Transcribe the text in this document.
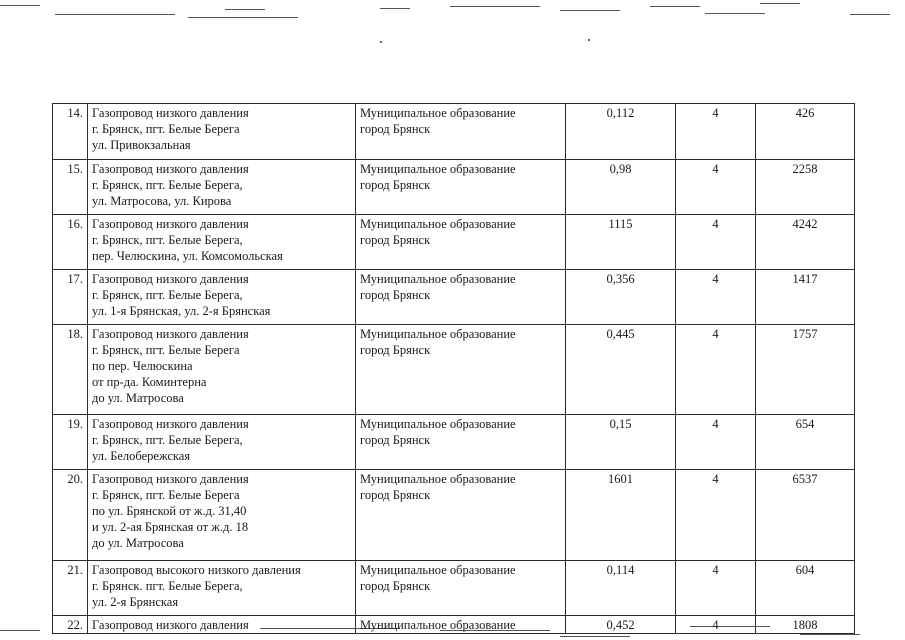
14.	Газопровод низкого давления
г. Брянск, пгт. Белые Берега
ул. Привокзальная	Муниципальное образование
город Брянск	0,112	4	426
15.	Газопровод низкого давления
г. Брянск, пгт. Белые Берега,
ул. Матросова, ул. Кирова	Муниципальное образование
город Брянск	0,98	4	2258
16.	Газопровод низкого давления
г. Брянск, пгт. Белые Берега,
пер. Челюскина, ул. Комсомольская	Муниципальное образование
город Брянск	1115	4	4242
17.	Газопровод низкого давления
г. Брянск, пгт. Белые Берега,
ул. 1-я Брянская, ул. 2-я Брянская	Муниципальное образование
город Брянск	0,356	4	1417
18.	Газопровод низкого давления
г. Брянск, пгт. Белые Берега
по пер. Челюскина
от пр-да. Коминтерна
до ул. Матросова	Муниципальное образование
город Брянск	0,445	4	1757
19.	Газопровод низкого давления
г. Брянск, пгт. Белые Берега,
ул. Белобережская	Муниципальное образование
город Брянск	0,15	4	654
20.	Газопровод низкого давления
г. Брянск, пгт. Белые Берега
по ул. Брянской от ж.д. 31,40
и ул. 2-ая Брянская от ж.д. 18
до ул. Матросова	Муниципальное образование
город Брянск	1601	4	6537
21.	Газопровод высокого низкого давления
г. Брянск. пгт. Белые Берега,
ул. 2-я Брянская	Муниципальное образование
город Брянск	0,114	4	604
22.	Газопровод низкого давления	Муниципальное образование	0,452	4	1808
